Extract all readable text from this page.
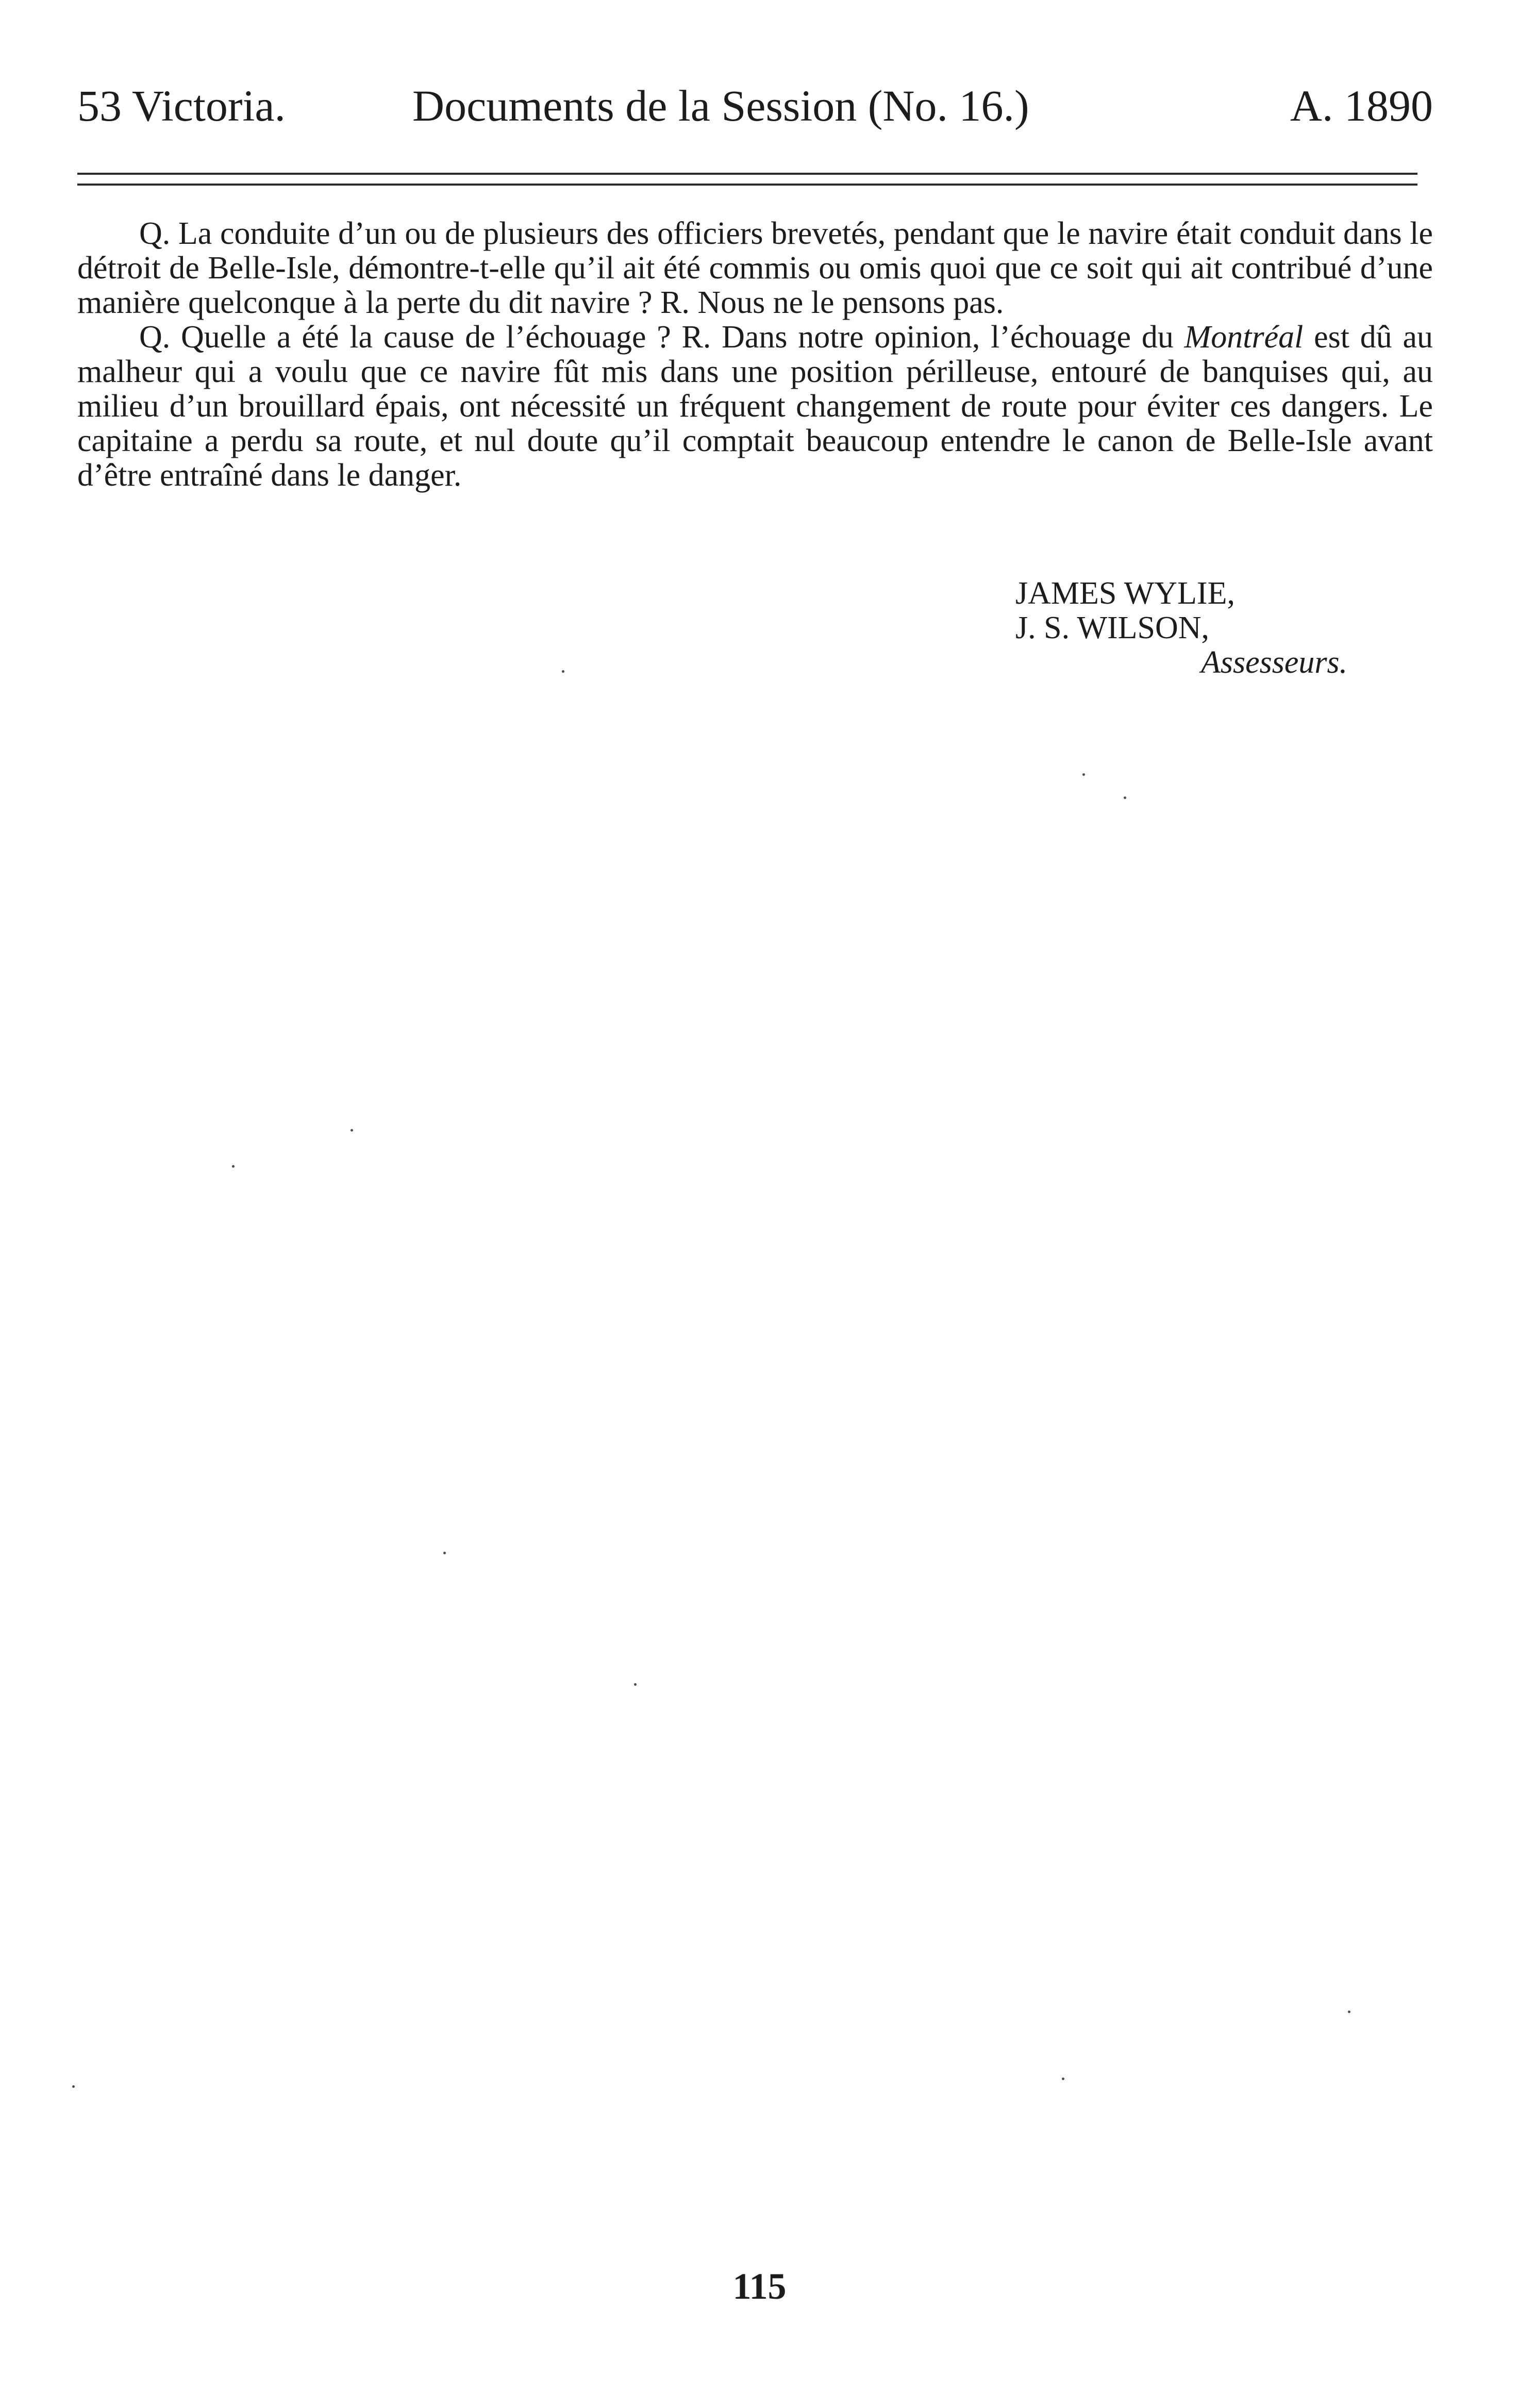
53 Victoria.	Documents de la Session (No. 16.)	A. 1890

Q. La conduite d’un ou de plusieurs des officiers brevetés, pendant que le navire était conduit dans le détroit de Belle-Isle, démontre-t-elle qu’il ait été commis ou omis quoi que ce soit qui ait contribué d’une manière quelconque à la perte du dit navire ? R. Nous ne le pensons pas.

Q. Quelle a été la cause de l’échouage ? R. Dans notre opinion, l’échouage du Montréal est dû au malheur qui a voulu que ce navire fût mis dans une position périlleuse, entouré de banquises qui, au milieu d’un brouillard épais, ont nécessité un fréquent changement de route pour éviter ces dangers. Le capitaine a perdu sa route, et nul doute qu’il comptait beaucoup entendre le canon de Belle-Isle avant d’être entraîné dans le danger.

JAMES WYLIE,
J. S. WILSON,
Assesseurs.
115
